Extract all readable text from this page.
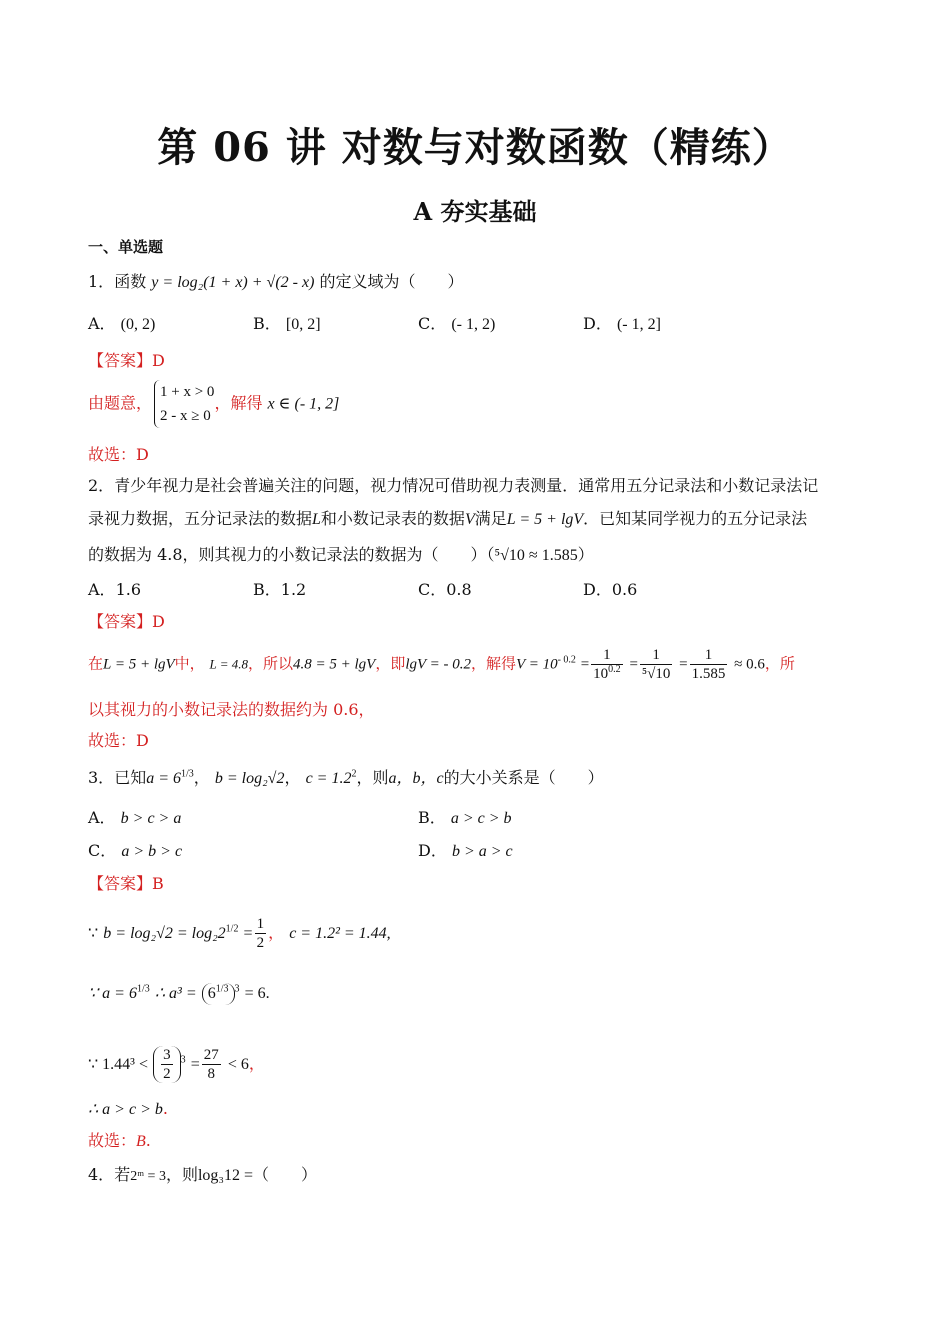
第 06 讲 对数与对数函数（精练）
A 夯实基础
一、单选题
1．函数 y = log₂(1 + x) + √(2 - x) 的定义域为（　　）
A． (0, 2)	B． [0, 2]	C． (- 1, 2)	D． (- 1, 2]
【答案】D
由题意，
1 + x > 0
2 - x ≥ 0
，解得 x ∈ (- 1, 2]
故选：D
2．青少年视力是社会普遍关注的问题，视力情况可借助视力表测量．通常用五分记录法和小数记录法记
录视力数据，五分记录法的数据L和小数记录表的数据V满足L = 5 + lgV．已知某同学视力的五分记录法
的数据为 4.8，则其视力的小数记录法的数据为（　　）（⁵√10 ≈ 1.585）
A．1.6	B．1.2	C．0.8	D．0.6
【答案】D
在L = 5 + lgV中， L = 4.8，所以4.8 = 5 + lgV，即lgV = - 0.2，解得$V = 10^{- 0.2} = \frac{1}{10^{0.2}} = \frac{1}{\text{⁵√10}} = \frac{1}{1.585} \approx 0.6$，所
以其视力的小数记录法的数据约为 0.6，
故选：D
3．已知$a = 6^{1/3}$， b = log₂√2， $c = 1.2^2$，则a，b，c的大小关系是（　　）
A． b > c > a	B． a > c > b
C． a > b > c	D． b > a > c
【答案】B
∵ $b = \log_2√2 = \log_22^{1/2} = \frac{1}{2}$ ， c = 1.2² = 1.44,
∵ $a = 6^{1/3}$ ∴ $a^3 = 6^{1/3}$ $^3$ = 6.
∵ $1.44^3 < \frac{3}{2} ^3 = \frac{27}{8} < 6$，
∴ a > c > b.
故选：B.
4．若2ᵐ = 3，则log₃12 =（　　）
